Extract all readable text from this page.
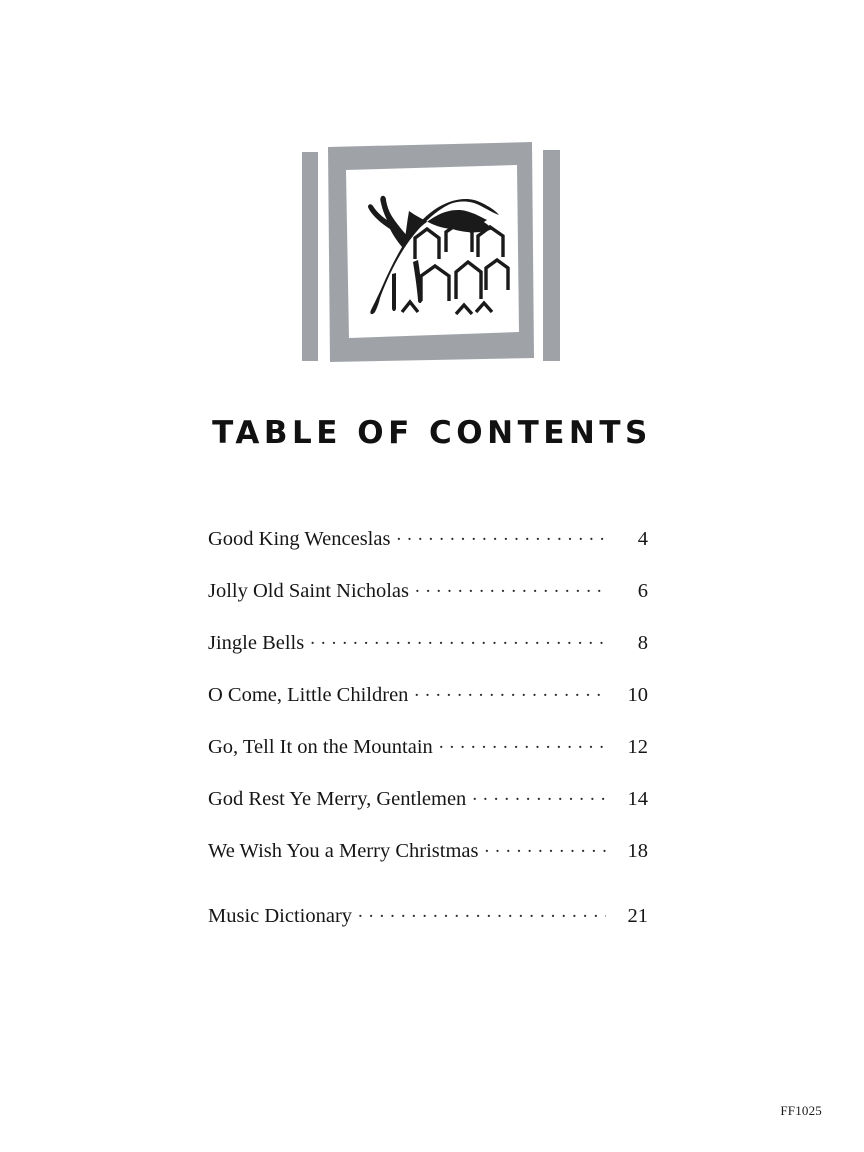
TABLE OF CONTENTS
Good King Wenceslas . . .	4
Jolly Old Saint Nicholas . . .	6
Jingle Bells . . .	8
O Come, Little Children . . .	10
Go, Tell It on the Mountain . . .	12
God Rest Ye Merry, Gentlemen . . .	14
We Wish You a Merry Christmas . . .	18
Music Dictionary . . .	21
FF1025
